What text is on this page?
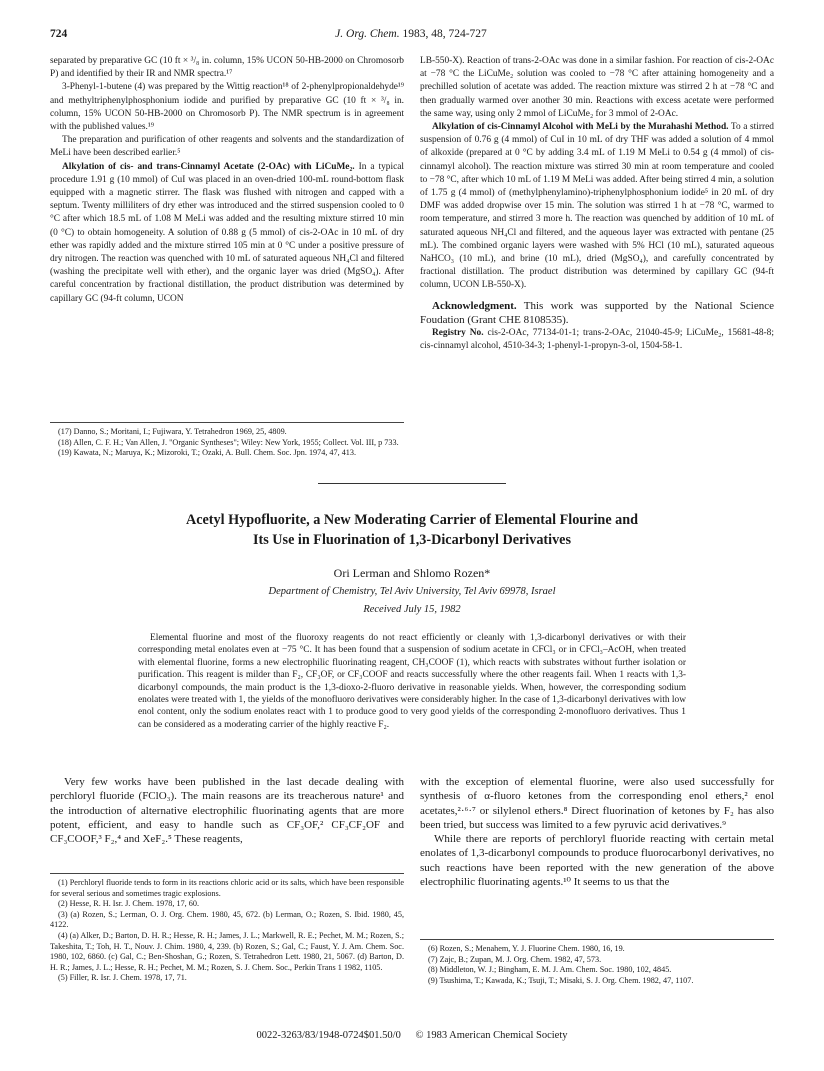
724	J. Org. Chem. 1983, 48, 724-727

separated by preparative GC (10 ft × ³/₈ in. column, 15% UCON 50-HB-2000 on Chromosorb P) and identified by their IR and NMR spectra.¹⁷

3-Phenyl-1-butene (4) was prepared by the Wittig reaction¹⁸ of 2-phenylpropionaldehyde¹⁹ and methyltriphenylphosphonium iodide and purified by preparative GC (10 ft × ³/₈ in. column, 15% UCON 50-HB-2000 on Chromosorb P). The NMR spectrum is in agreement with the published values.¹⁹

The preparation and purification of other reagents and solvents and the standardization of MeLi have been described earlier.⁵

Alkylation of cis- and trans-Cinnamyl Acetate (2-OAc) with LiCuMe₂. In a typical procedure 1.91 g (10 mmol) of CuI was placed in an oven-dried 100-mL round-bottom flask equipped with a magnetic stirrer. The flask was flushed with nitrogen and capped with a septum. Twenty milliliters of dry ether was introduced and the stirred suspension cooled to 0 °C after which 18.5 mL of 1.08 M MeLi was added and the resulting mixture stirred 10 min (0 °C) to obtain homogeneity. A solution of 0.88 g (5 mmol) of cis-2-OAc in 10 mL of dry ether was rapidly added and the mixture stirred 105 min at 0 °C under a positive pressure of dry nitrogen. The reaction was quenched with 10 mL of saturated aqueous NH₄Cl and filtered (washing the precipitate well with ether), and the organic layer was dried (MgSO₄). After careful concentration by fractional distillation, the product distribution was determined by capillary GC (94-ft column, UCON

(17) Danno, S.; Moritani, I.; Fujiwara, Y. Tetrahedron 1969, 25, 4809.
(18) Allen, C. F. H.; Van Allen, J. "Organic Syntheses"; Wiley: New York, 1955; Collect. Vol. III, p 733.
(19) Kawata, N.; Maruya, K.; Mizoroki, T.; Ozaki, A. Bull. Chem. Soc. Jpn. 1974, 47, 413.

LB-550-X). Reaction of trans-2-OAc was done in a similar fashion. For reaction of cis-2-OAc at −78 °C the LiCuMe₂ solution was cooled to −78 °C after attaining homogeneity and a prechilled solution of acetate was added. The reaction mixture was stirred 2 h at −78 °C and then gradually warmed over another 30 min. Reactions with excess acetate were performed the same way, using only 2 mmol of LiCuMe₂ for 3 mmol of 2-OAc.

Alkylation of cis-Cinnamyl Alcohol with MeLi by the Murahashi Method. To a stirred suspension of 0.76 g (4 mmol) of CuI in 10 mL of dry THF was added a solution of 4 mmol of alkoxide (prepared at 0 °C by adding 3.4 mL of 1.19 M MeLi to 0.54 g (4 mmol) of cis-cinnamyl alcohol). The reaction mixture was stirred 30 min at room temperature and cooled to −78 °C, after which 10 mL of 1.19 M MeLi was added. After being stirred 4 min, a solution of 1.75 g (4 mmol) of (methylphenylamino)-triphenylphosphonium iodide⁵ in 20 mL of dry DMF was added dropwise over 15 min. The solution was stirred 1 h at −78 °C, warmed to room temperature, and stirred 3 more h. The reaction was quenched by addition of 10 mL of saturated aqueous NH₄Cl and filtered, and the aqueous layer was extracted with pentane (25 mL). The combined organic layers were washed with 5% HCl (10 mL), saturated aqueous NaHCO₃ (10 mL), and brine (10 mL), dried (MgSO₄), and carefully concentrated by fractional distillation. The product distribution was determined by capillary GC (94-ft column, UCON LB-550-X).

Acknowledgment. This work was supported by the National Science Foudation (Grant CHE 8108535).

Registry No. cis-2-OAc, 77134-01-1; trans-2-OAc, 21040-45-9; LiCuMe₂, 15681-48-8; cis-cinnamyl alcohol, 4510-34-3; 1-phenyl-1-propyn-3-ol, 1504-58-1.

Acetyl Hypofluorite, a New Moderating Carrier of Elemental Flourine and
Its Use in Fluorination of 1,3-Dicarbonyl Derivatives
Ori Lerman and Shlomo Rozen*
Department of Chemistry, Tel Aviv University, Tel Aviv 69978, Israel
Received July 15, 1982
Elemental fluorine and most of the fluoroxy reagents do not react efficiently or cleanly with 1,3-dicarbonyl derivatives or with their corresponding metal enolates even at −75 °C. It has been found that a suspension of sodium acetate in CFCl₃ or in CFCl₃–AcOH, when treated with elemental fluorine, forms a new electrophilic fluorinating reagent, CH₃COOF (1), which reacts with substrates without further isolation or purification. This reagent is milder than F₂, CF₃OF, or CF₃COOF and reacts successfully where the other reagents fail. When 1 reacts with 1,3-dicarbonyl compounds, the main product is the 1,3-dioxo-2-fluoro derivative in reasonable yields. When, however, the corresponding sodium enolates were treated with 1, the yields of the monofluoro derivatives were considerably higher. In the case of 1,3-dicarbonyl derivatives with low enol content, only the sodium enolates react with 1 to produce good to very good yields of the corresponding 2-monofluoro derivatives. Thus 1 can be considered as a moderating carrier of the highly reactive F₂.

Very few works have been published in the last decade dealing with perchloryl fluoride (FClO₃). The main reasons are its treacherous nature¹ and the introduction of alternative electrophilic fluorinating agents that are more potent, efficient, and easy to handle such as CF₃OF,² CF₃CF₂OF and CF₃COOF,³ F₂,⁴ and XeF₂.⁵ These reagents,

(1) Perchloryl fluoride tends to form in its reactions chloric acid or its salts, which have been responsible for several serious and sometimes tragic explosions.
(2) Hesse, R. H. Isr. J. Chem. 1978, 17, 60.
(3) (a) Rozen, S.; Lerman, O. J. Org. Chem. 1980, 45, 672. (b) Lerman, O.; Rozen, S. Ibid. 1980, 45, 4122.
(4) (a) Alker, D.; Barton, D. H. R.; Hesse, R. H.; James, J. L.; Markwell, R. E.; Pechet, M. M.; Rozen, S.; Takeshita, T.; Toh, H. T., Nouv. J. Chim. 1980, 4, 239. (b) Rozen, S.; Gal, C.; Faust, Y. J. Am. Chem. Soc. 1980, 102, 6860. (c) Gal, C.; Ben-Shoshan, G.; Rozen, S. Tetrahedron Lett. 1980, 21, 5067. (d) Barton, D. H. R.; James, J. L.; Hesse, R. H.; Pechet, M. M.; Rozen, S. J. Chem. Soc., Perkin Trans 1 1982, 1105.
(5) Filler, R. Isr. J. Chem. 1978, 17, 71.

with the exception of elemental fluorine, were also used successfully for synthesis of α-fluoro ketones from the corresponding enol ethers,² enol acetates,²·⁶·⁷ or silylenol ethers.⁸ Direct fluorination of ketones by F₂ has also been tried, but success was limited to a few pyruvic acid derivatives.⁹

While there are reports of perchloryl fluoride reacting with certain metal enolates of 1,3-dicarbonyl compounds to produce fluorocarbonyl derivatives, no such reactions have been reported with the new generation of the above electrophilic fluorinating agents.¹⁰ It seems to us that the

(6) Rozen, S.; Menahem, Y. J. Fluorine Chem. 1980, 16, 19.
(7) Zajc, B.; Zupan, M. J. Org. Chem. 1982, 47, 573.
(8) Middleton, W. J.; Bingham, E. M. J. Am. Chem. Soc. 1980, 102, 4845.
(9) Tsushima, T.; Kawada, K.; Tsuji, T.; Misaki, S. J. Org. Chem. 1982, 47, 1107.
0022-3263/83/1948-0724$01.50/0 © 1983 American Chemical Society
